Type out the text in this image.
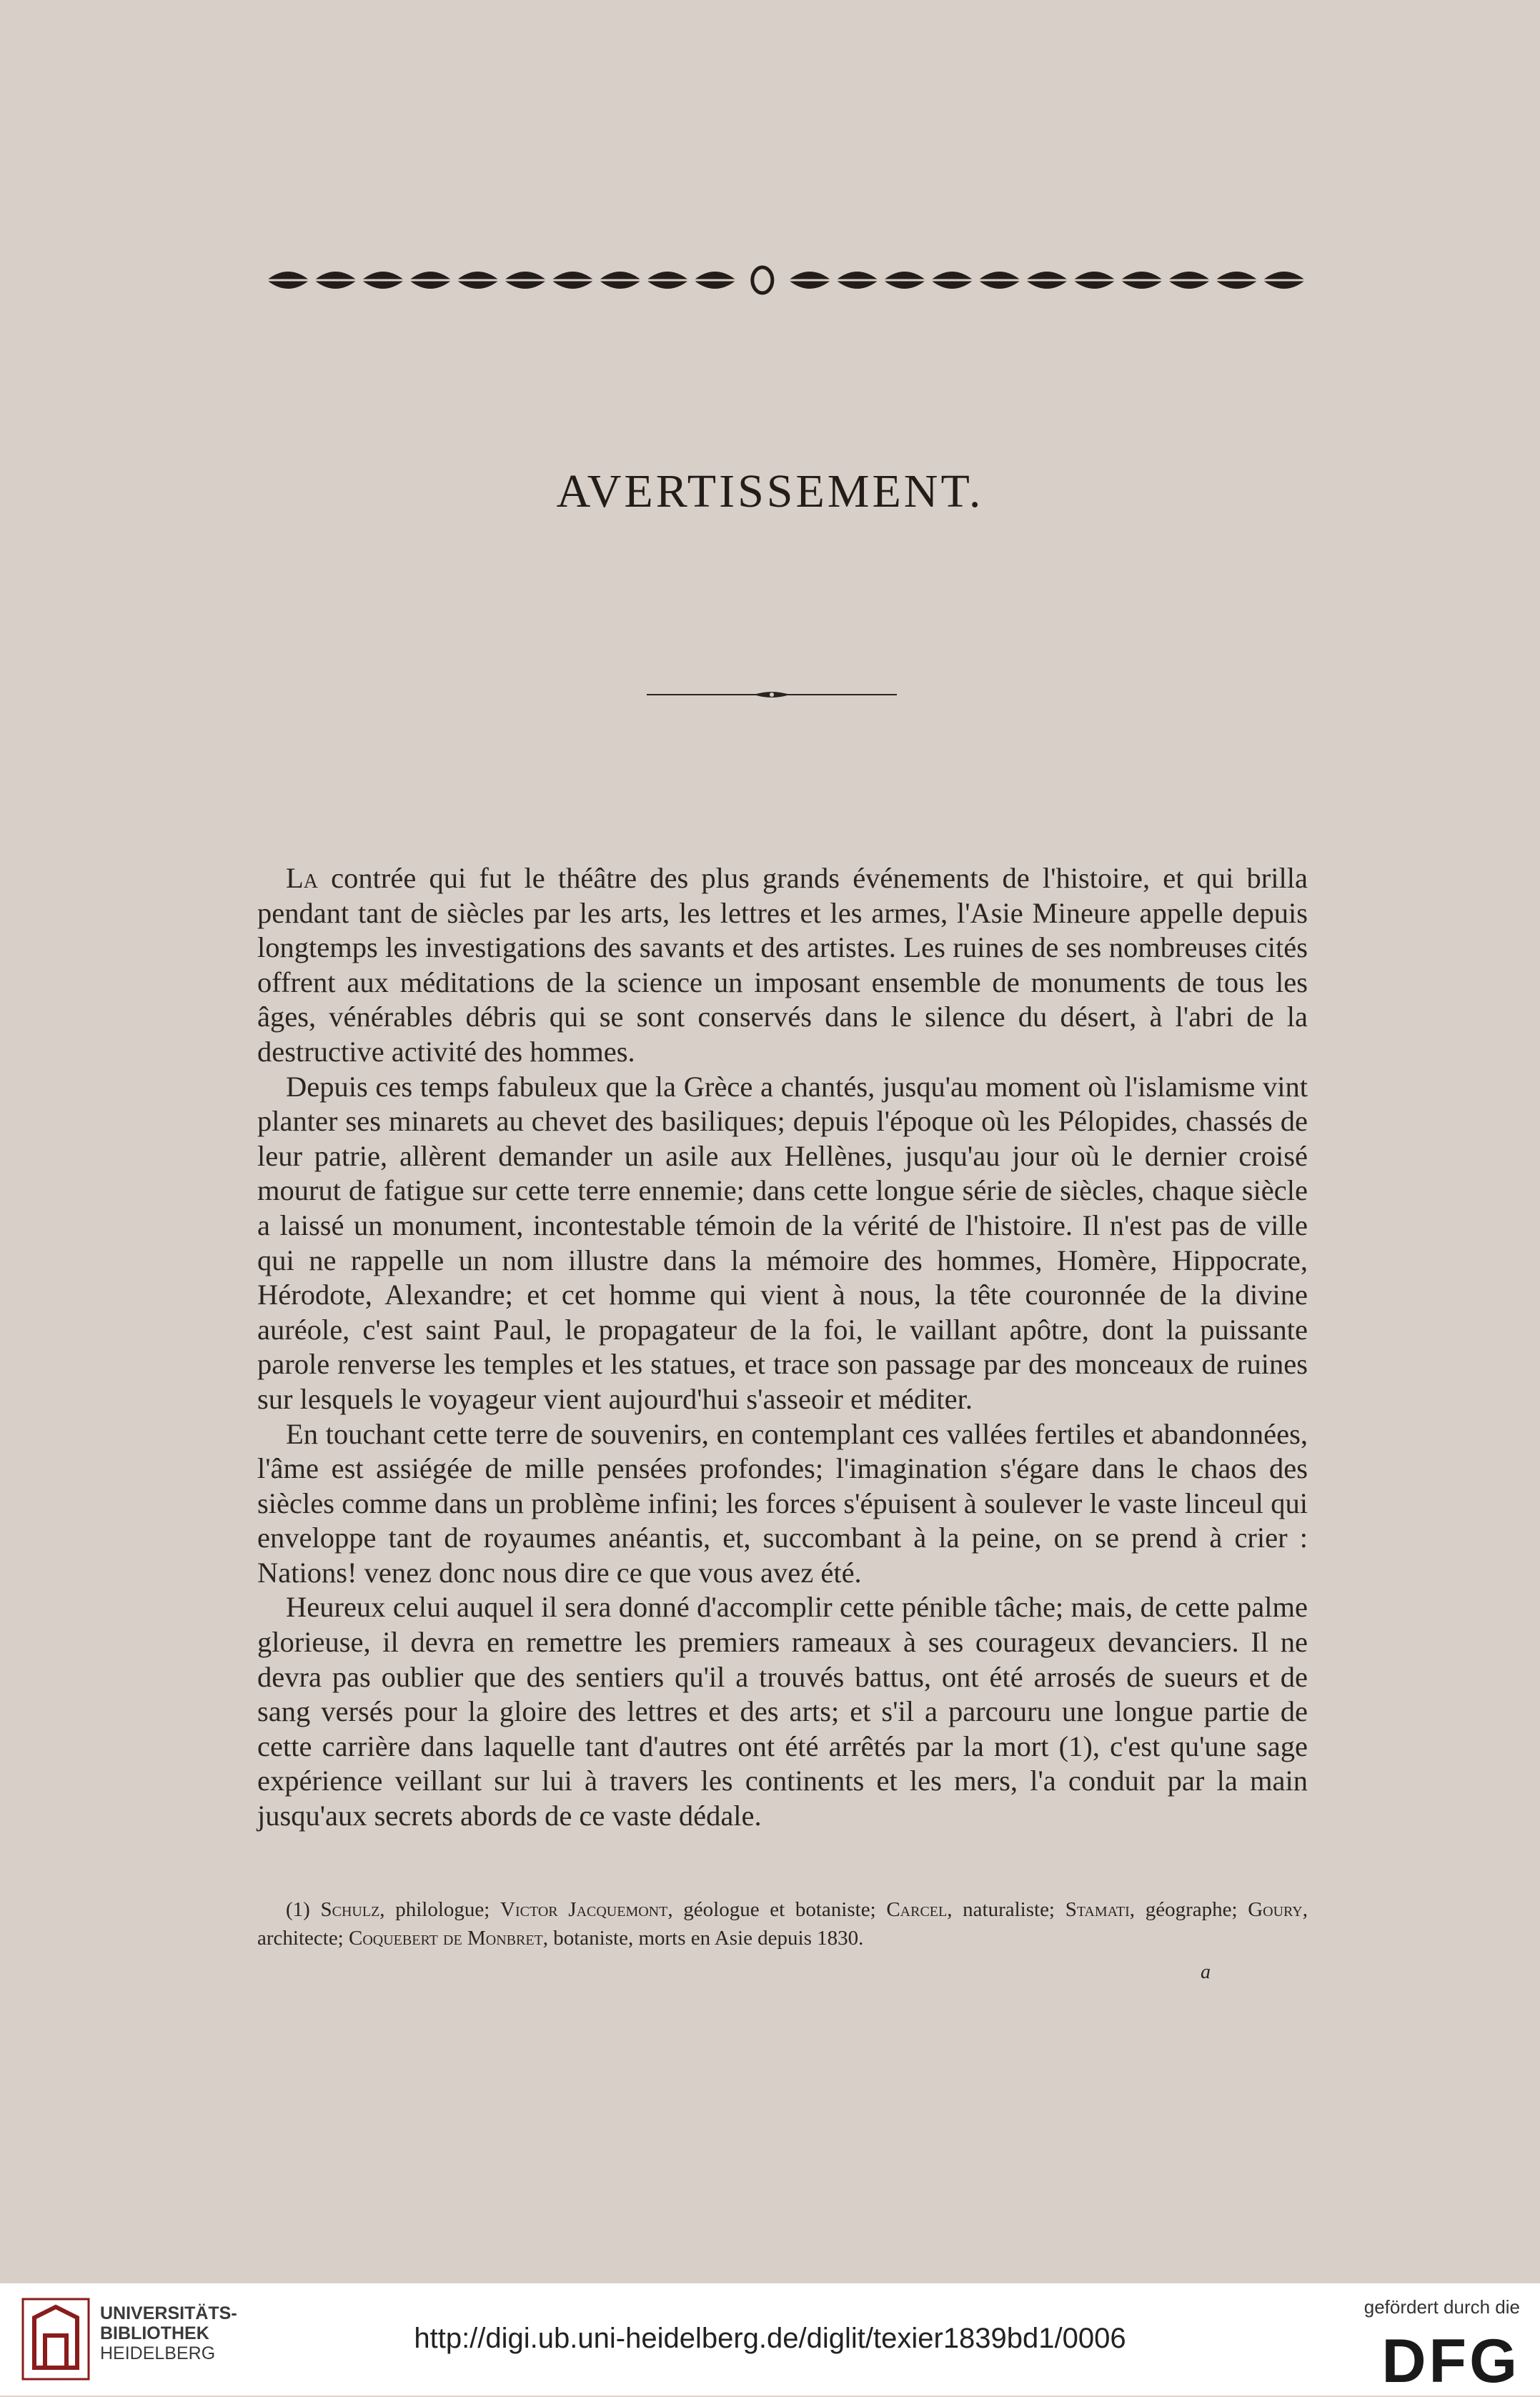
AVERTISSEMENT.

La contrée qui fut le théâtre des plus grands événements de l'histoire, et qui brilla pendant tant de siècles par les arts, les lettres et les armes, l'Asie Mineure appelle depuis longtemps les investigations des savants et des artistes. Les ruines de ses nombreuses cités offrent aux méditations de la science un imposant ensemble de monuments de tous les âges, vénérables débris qui se sont conservés dans le silence du désert, à l'abri de la destructive activité des hommes.

Depuis ces temps fabuleux que la Grèce a chantés, jusqu'au moment où l'islamisme vint planter ses minarets au chevet des basiliques; depuis l'époque où les Pélopides, chassés de leur patrie, allèrent demander un asile aux Hellènes, jusqu'au jour où le dernier croisé mourut de fatigue sur cette terre ennemie; dans cette longue série de siècles, chaque siècle a laissé un monument, incontestable témoin de la vérité de l'histoire. Il n'est pas de ville qui ne rappelle un nom illustre dans la mémoire des hommes, Homère, Hippocrate, Hérodote, Alexandre; et cet homme qui vient à nous, la tête couronnée de la divine auréole, c'est saint Paul, le propagateur de la foi, le vaillant apôtre, dont la puissante parole renverse les temples et les statues, et trace son passage par des monceaux de ruines sur lesquels le voyageur vient aujourd'hui s'asseoir et méditer.

En touchant cette terre de souvenirs, en contemplant ces vallées fertiles et abandonnées, l'âme est assiégée de mille pensées profondes; l'imagination s'égare dans le chaos des siècles comme dans un problème infini; les forces s'épuisent à soulever le vaste linceul qui enveloppe tant de royaumes anéantis, et, succombant à la peine, on se prend à crier : Nations! venez donc nous dire ce que vous avez été.

Heureux celui auquel il sera donné d'accomplir cette pénible tâche; mais, de cette palme glorieuse, il devra en remettre les premiers rameaux à ses courageux devanciers. Il ne devra pas oublier que des sentiers qu'il a trouvés battus, ont été arrosés de sueurs et de sang versés pour la gloire des lettres et des arts; et s'il a parcouru une longue partie de cette carrière dans laquelle tant d'autres ont été arrêtés par la mort (1), c'est qu'une sage expérience veillant sur lui à travers les continents et les mers, l'a conduit par la main jusqu'aux secrets abords de ce vaste dédale.

(1) Schulz, philologue; Victor Jacquemont, géologue et botaniste; Carcel, naturaliste; Stamati, géographe; Goury, architecte; Coquebert de Monbret, botaniste, morts en Asie depuis 1830.

a
UNIVERSITÄTS-
BIBLIOTHEK
HEIDELBERG	http://digi.ub.uni-heidelberg.de/diglit/texier1839bd1/0006
gefördert durch die
DFG
